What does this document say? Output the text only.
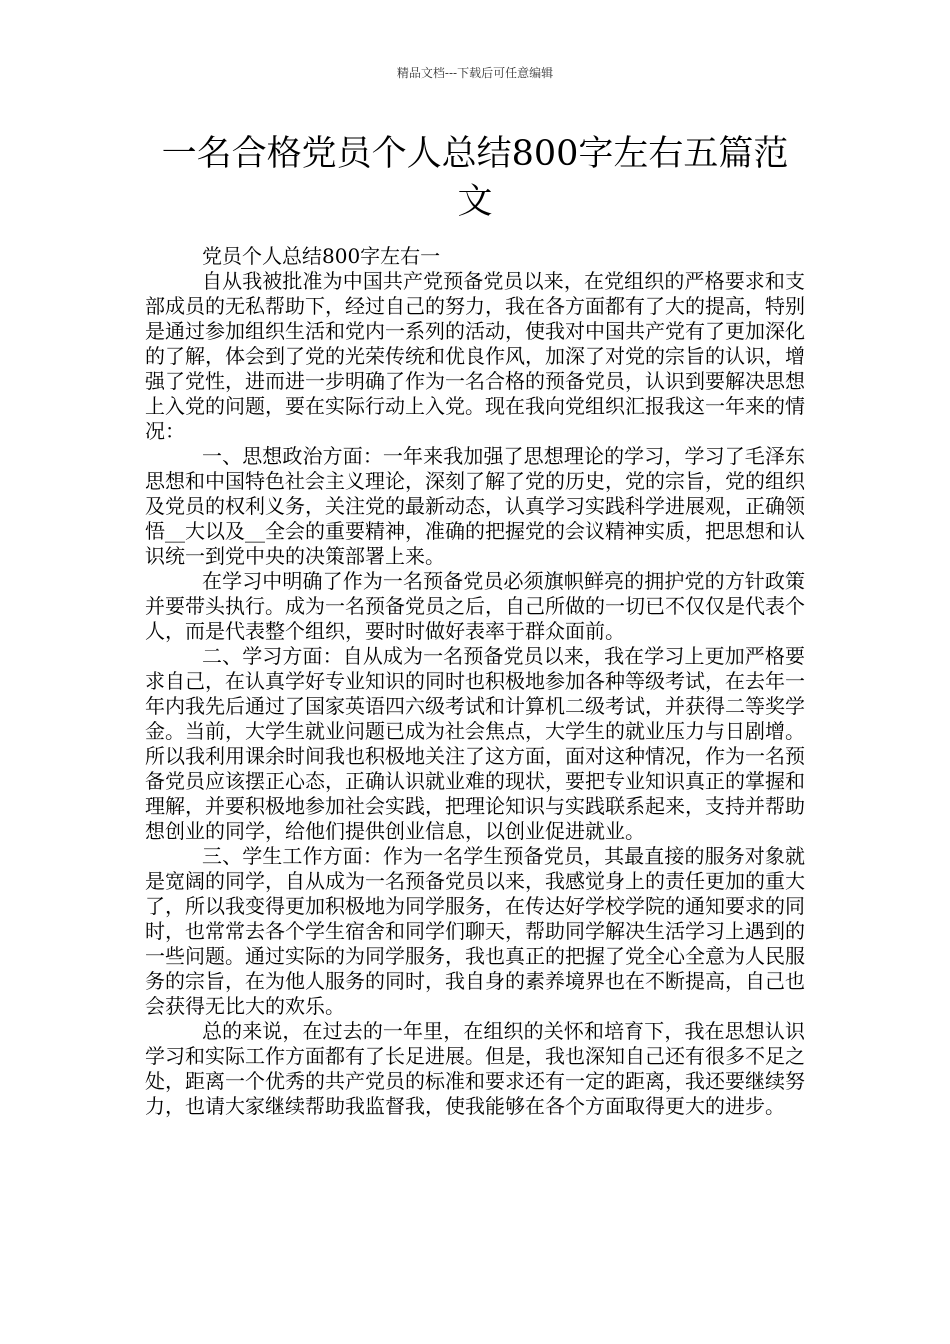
精品文档---下载后可任意编辑
一名合格党员个人总结800字左右五篇范文

党员个人总结800字左右一

自从我被批准为中国共产党预备党员以来，在党组织的严格要求和支部成员的无私帮助下，经过自己的努力，我在各方面都有了大的提高，特别是通过参加组织生活和党内一系列的活动，使我对中国共产党有了更加深化的了解，体会到了党的光荣传统和优良作风，加深了对党的宗旨的认识，增强了党性，进而进一步明确了作为一名合格的预备党员，认识到要解决思想上入党的问题，要在实际行动上入党。现在我向党组织汇报我这一年来的情况：

一、思想政治方面：一年来我加强了思想理论的学习，学习了毛泽东思想和中国特色社会主义理论，深刻了解了党的历史，党的宗旨，党的组织及党员的权利义务，关注党的最新动态，认真学习实践科学进展观，正确领悟__大以及__全会的重要精神，准确的把握党的会议精神实质，把思想和认识统一到党中央的决策部署上来。

在学习中明确了作为一名预备党员必须旗帜鲜亮的拥护党的方针政策并要带头执行。成为一名预备党员之后，自己所做的一切已不仅仅是代表个人，而是代表整个组织，要时时做好表率于群众面前。

二、学习方面：自从成为一名预备党员以来，我在学习上更加严格要求自己，在认真学好专业知识的同时也积极地参加各种等级考试，在去年一年内我先后通过了国家英语四六级考试和计算机二级考试，并获得二等奖学金。当前，大学生就业问题已成为社会焦点，大学生的就业压力与日剧增。所以我利用课余时间我也积极地关注了这方面，面对这种情况，作为一名预备党员应该摆正心态，正确认识就业难的现状，要把专业知识真正的掌握和理解，并要积极地参加社会实践，把理论知识与实践联系起来，支持并帮助想创业的同学，给他们提供创业信息，以创业促进就业。

三、学生工作方面：作为一名学生预备党员，其最直接的服务对象就是宽阔的同学，自从成为一名预备党员以来，我感觉身上的责任更加的重大了，所以我变得更加积极地为同学服务，在传达好学校学院的通知要求的同时，也常常去各个学生宿舍和同学们聊天，帮助同学解决生活学习上遇到的一些问题。通过实际的为同学服务，我也真正的把握了党全心全意为人民服务的宗旨，在为他人服务的同时，我自身的素养境界也在不断提高，自己也会获得无比大的欢乐。

总的来说，在过去的一年里，在组织的关怀和培育下，我在思想认识学习和实际工作方面都有了长足进展。但是，我也深知自己还有很多不足之处，距离一个优秀的共产党员的标准和要求还有一定的距离，我还要继续努力，也请大家继续帮助我监督我，使我能够在各个方面取得更大的进步。
